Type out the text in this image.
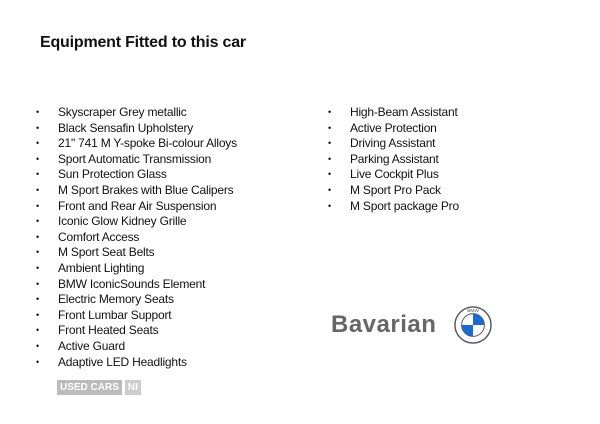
Equipment Fitted to this car
• Skyscraper Grey metallic
• Black Sensafin Upholstery
• 21" 741 M Y-spoke Bi-colour Alloys
• Sport Automatic Transmission
• Sun Protection Glass
• M Sport Brakes with Blue Calipers
• Front and Rear Air Suspension
• Iconic Glow Kidney Grille
• Comfort Access
• M Sport Seat Belts
• Ambient Lighting
• BMW IconicSounds Element
• Electric Memory Seats
• Front Lumbar Support
• Front Heated Seats
• Active Guard
• Adaptive LED Headlights
• High-Beam Assistant
• Active Protection
• Driving Assistant
• Parking Assistant
• Live Cockpit Plus
• M Sport Pro Pack
• M Sport package Pro
Bavarian	BMW
USED CARS NI
